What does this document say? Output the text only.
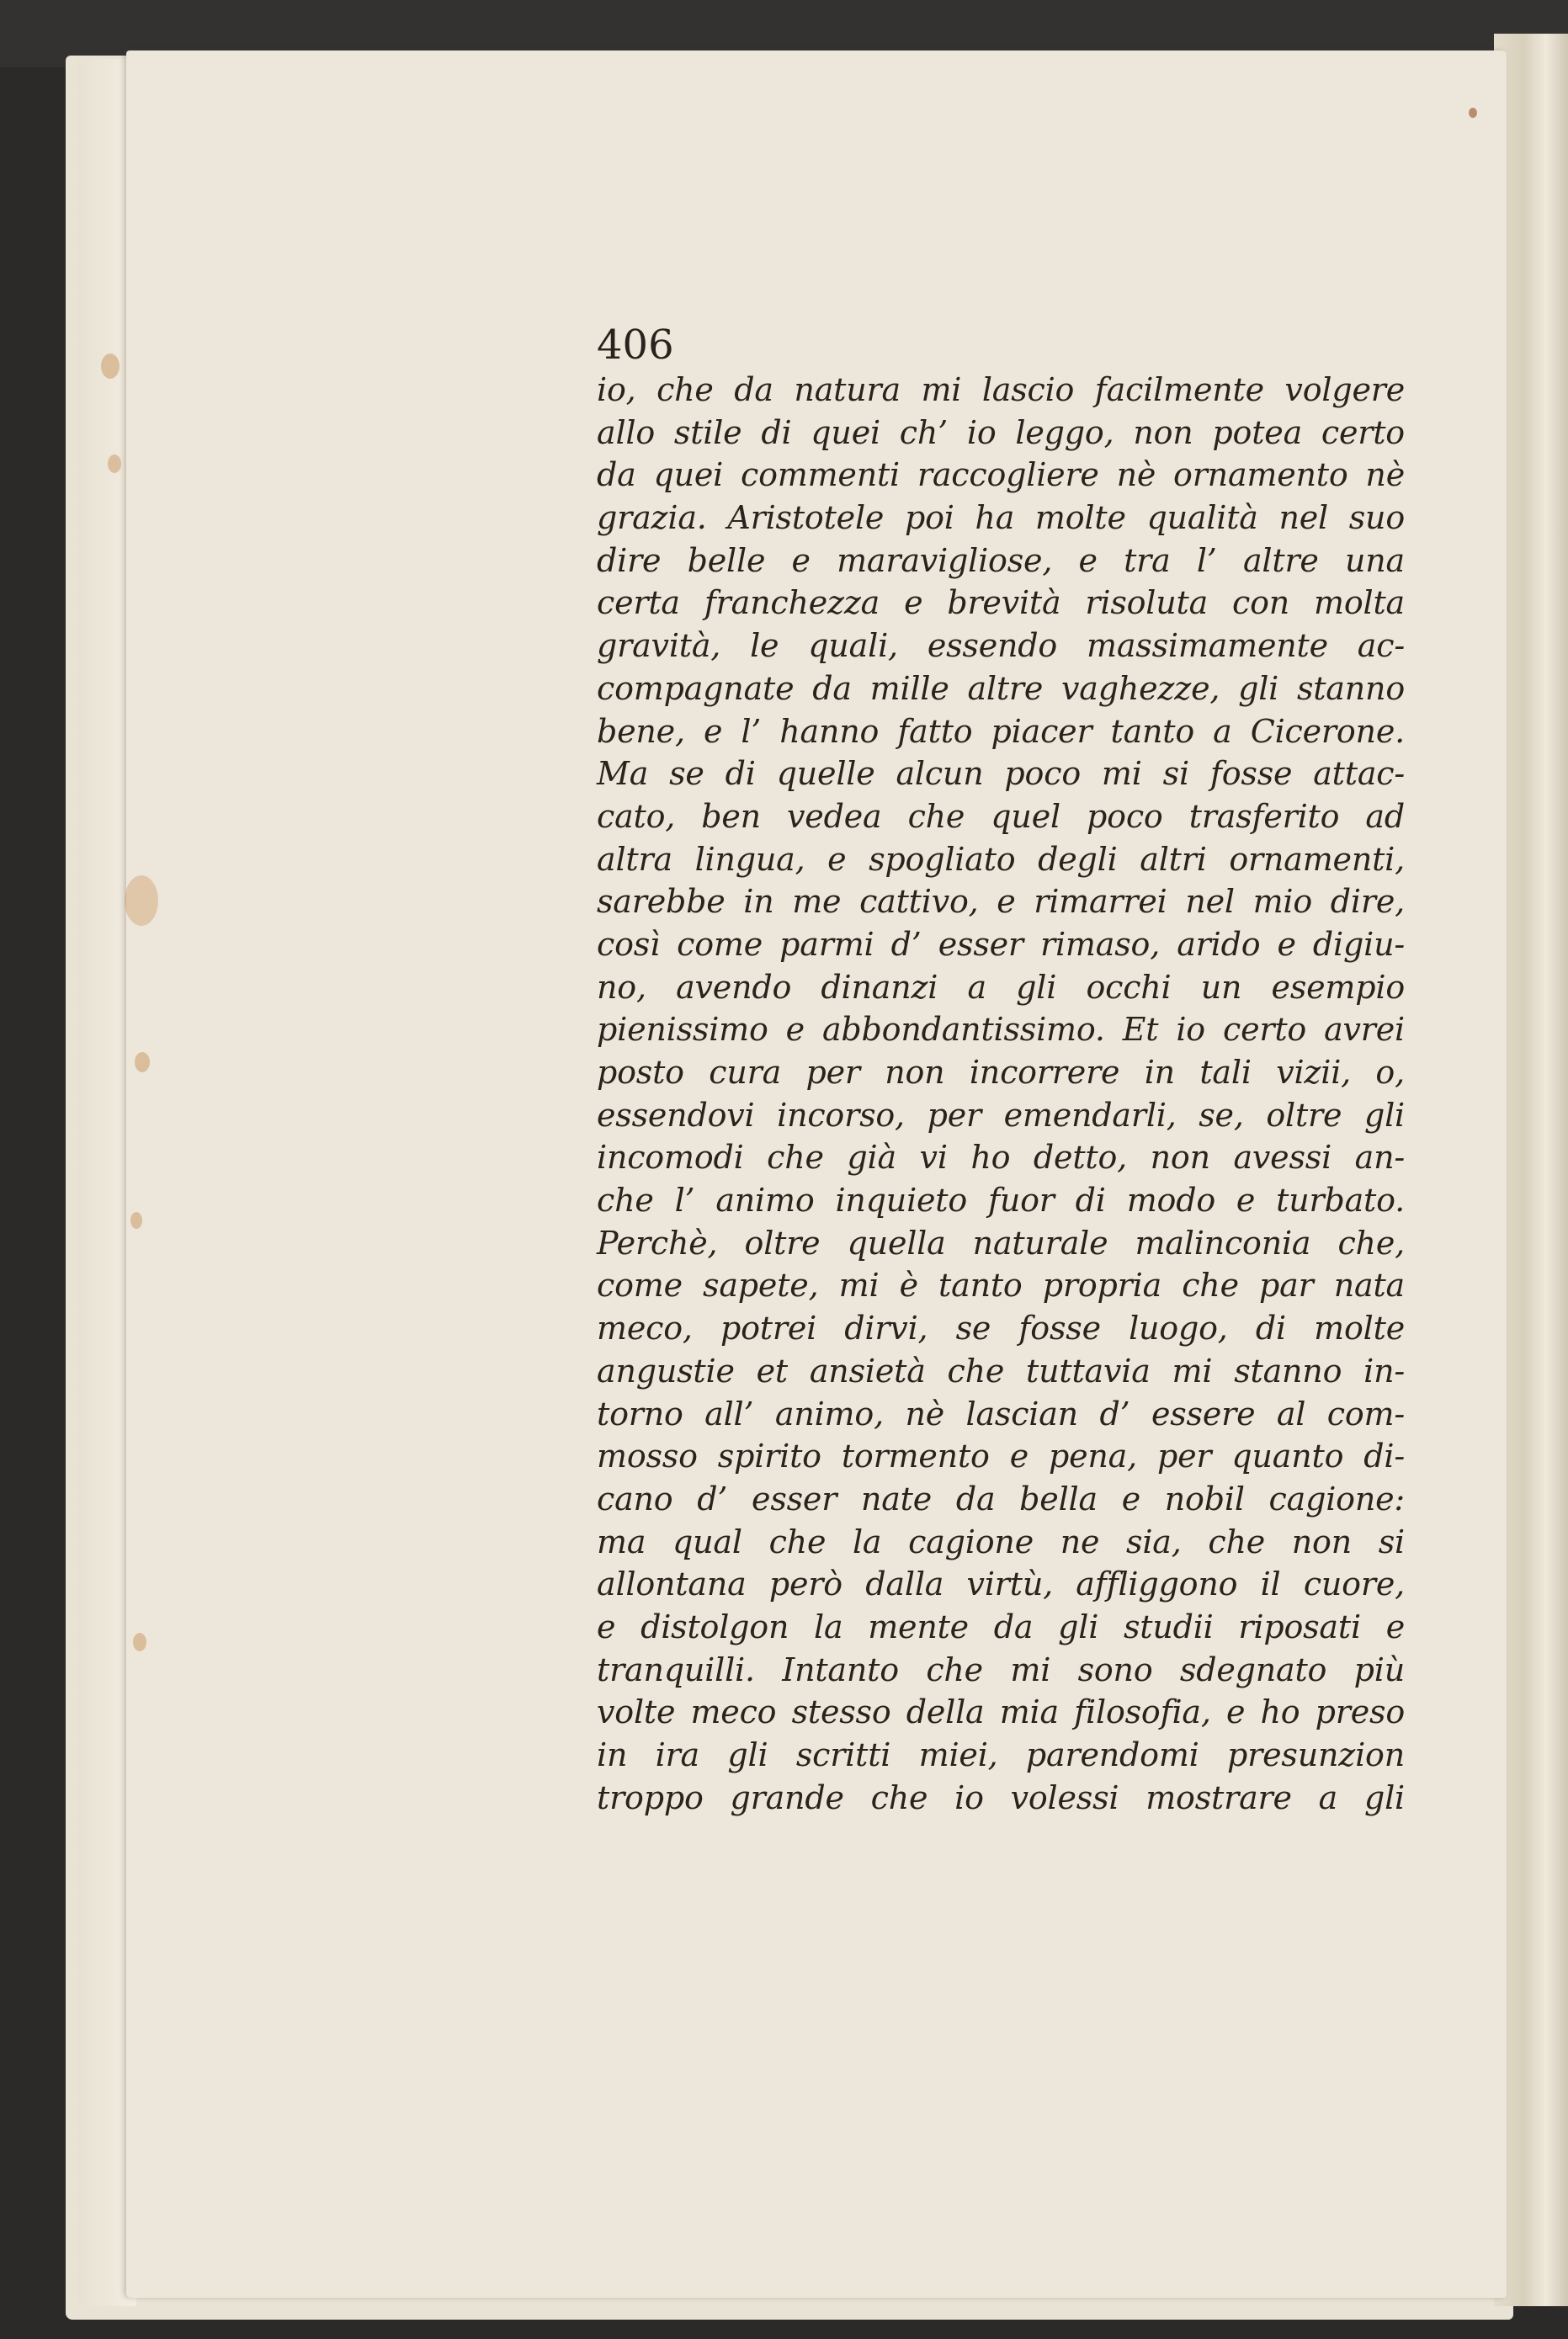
406
io, che da natura mi lascio facilmente volgere
allo stile di quei ch’ io leggo, non potea certo
da quei commenti raccogliere nè ornamento nè
grazia. Aristotele poi ha molte qualità nel suo
dire belle e maravigliose, e tra l’ altre una
certa franchezza e brevità risoluta con molta
gravità, le quali, essendo massimamente ac-
compagnate da mille altre vaghezze, gli stanno
bene, e l’ hanno fatto piacer tanto a Cicerone.
Ma se di quelle alcun poco mi si fosse attac-
cato, ben vedea che quel poco trasferito ad
altra lingua, e spogliato degli altri ornamenti,
sarebbe in me cattivo, e rimarrei nel mio dire,
così come parmi d’ esser rimaso, arido e digiu-
no, avendo dinanzi a gli occhi un esempio
pienissimo e abbondantissimo. Et io certo avrei
posto cura per non incorrere in tali vizii, o,
essendovi incorso, per emendarli, se, oltre gli
incomodi che già vi ho detto, non avessi an-
che l’ animo inquieto fuor di modo e turbato.
Perchè, oltre quella naturale malinconia che,
come sapete, mi è tanto propria che par nata
meco, potrei dirvi, se fosse luogo, di molte
angustie et ansietà che tuttavia mi stanno in-
torno all’ animo, nè lascian d’ essere al com-
mosso spirito tormento e pena, per quanto di-
cano d’ esser nate da bella e nobil cagione:
ma qual che la cagione ne sia, che non si
allontana però dalla virtù, affliggono il cuore,
e distolgon la mente da gli studii riposati e
tranquilli. Intanto che mi sono sdegnato più
volte meco stesso della mia filosofia, e ho preso
in ira gli scritti miei, parendomi presunzion
troppo grande che io volessi mostrare a gli
